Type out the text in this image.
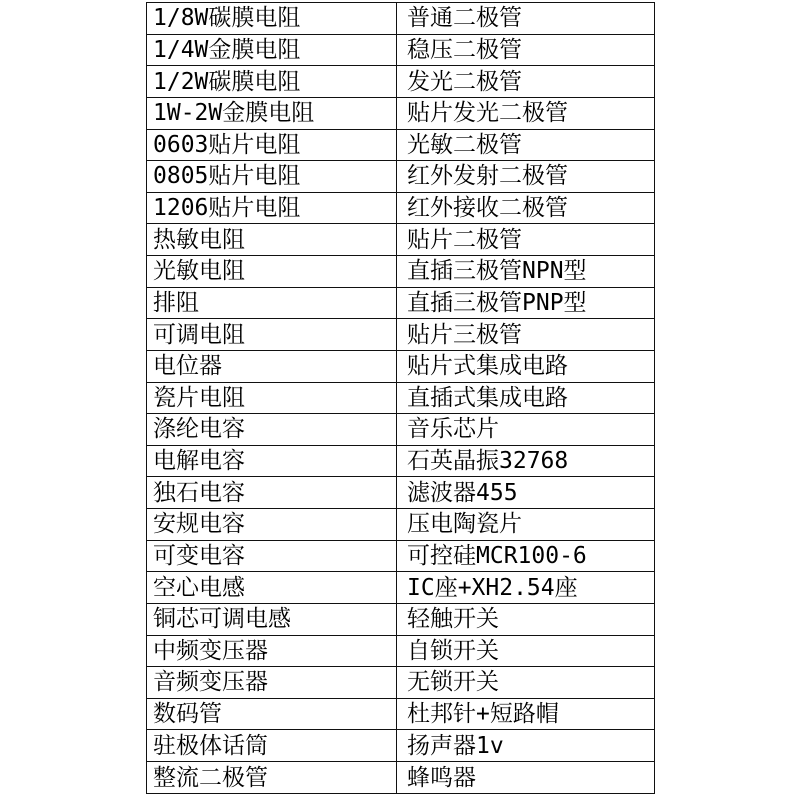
1/8W碳膜电阻	普通二极管
1/4W金膜电阻	稳压二极管
1/2W碳膜电阻	发光二极管
1W-2W金膜电阻	贴片发光二极管
0603贴片电阻	光敏二极管
0805贴片电阻	红外发射二极管
1206贴片电阻	红外接收二极管
热敏电阻	贴片二极管
光敏电阻	直插三极管NPN型
排阻	直插三极管PNP型
可调电阻	贴片三极管
电位器	贴片式集成电路
瓷片电阻	直插式集成电路
涤纶电容	音乐芯片
电解电容	石英晶振32768
独石电容	滤波器455
安规电容	压电陶瓷片
可变电容	可控硅MCR100-6
空心电感	IC座+XH2.54座
铜芯可调电感	轻触开关
中频变压器	自锁开关
音频变压器	无锁开关
数码管	杜邦针+短路帽
驻极体话筒	扬声器1v
整流二极管	蜂鸣器
